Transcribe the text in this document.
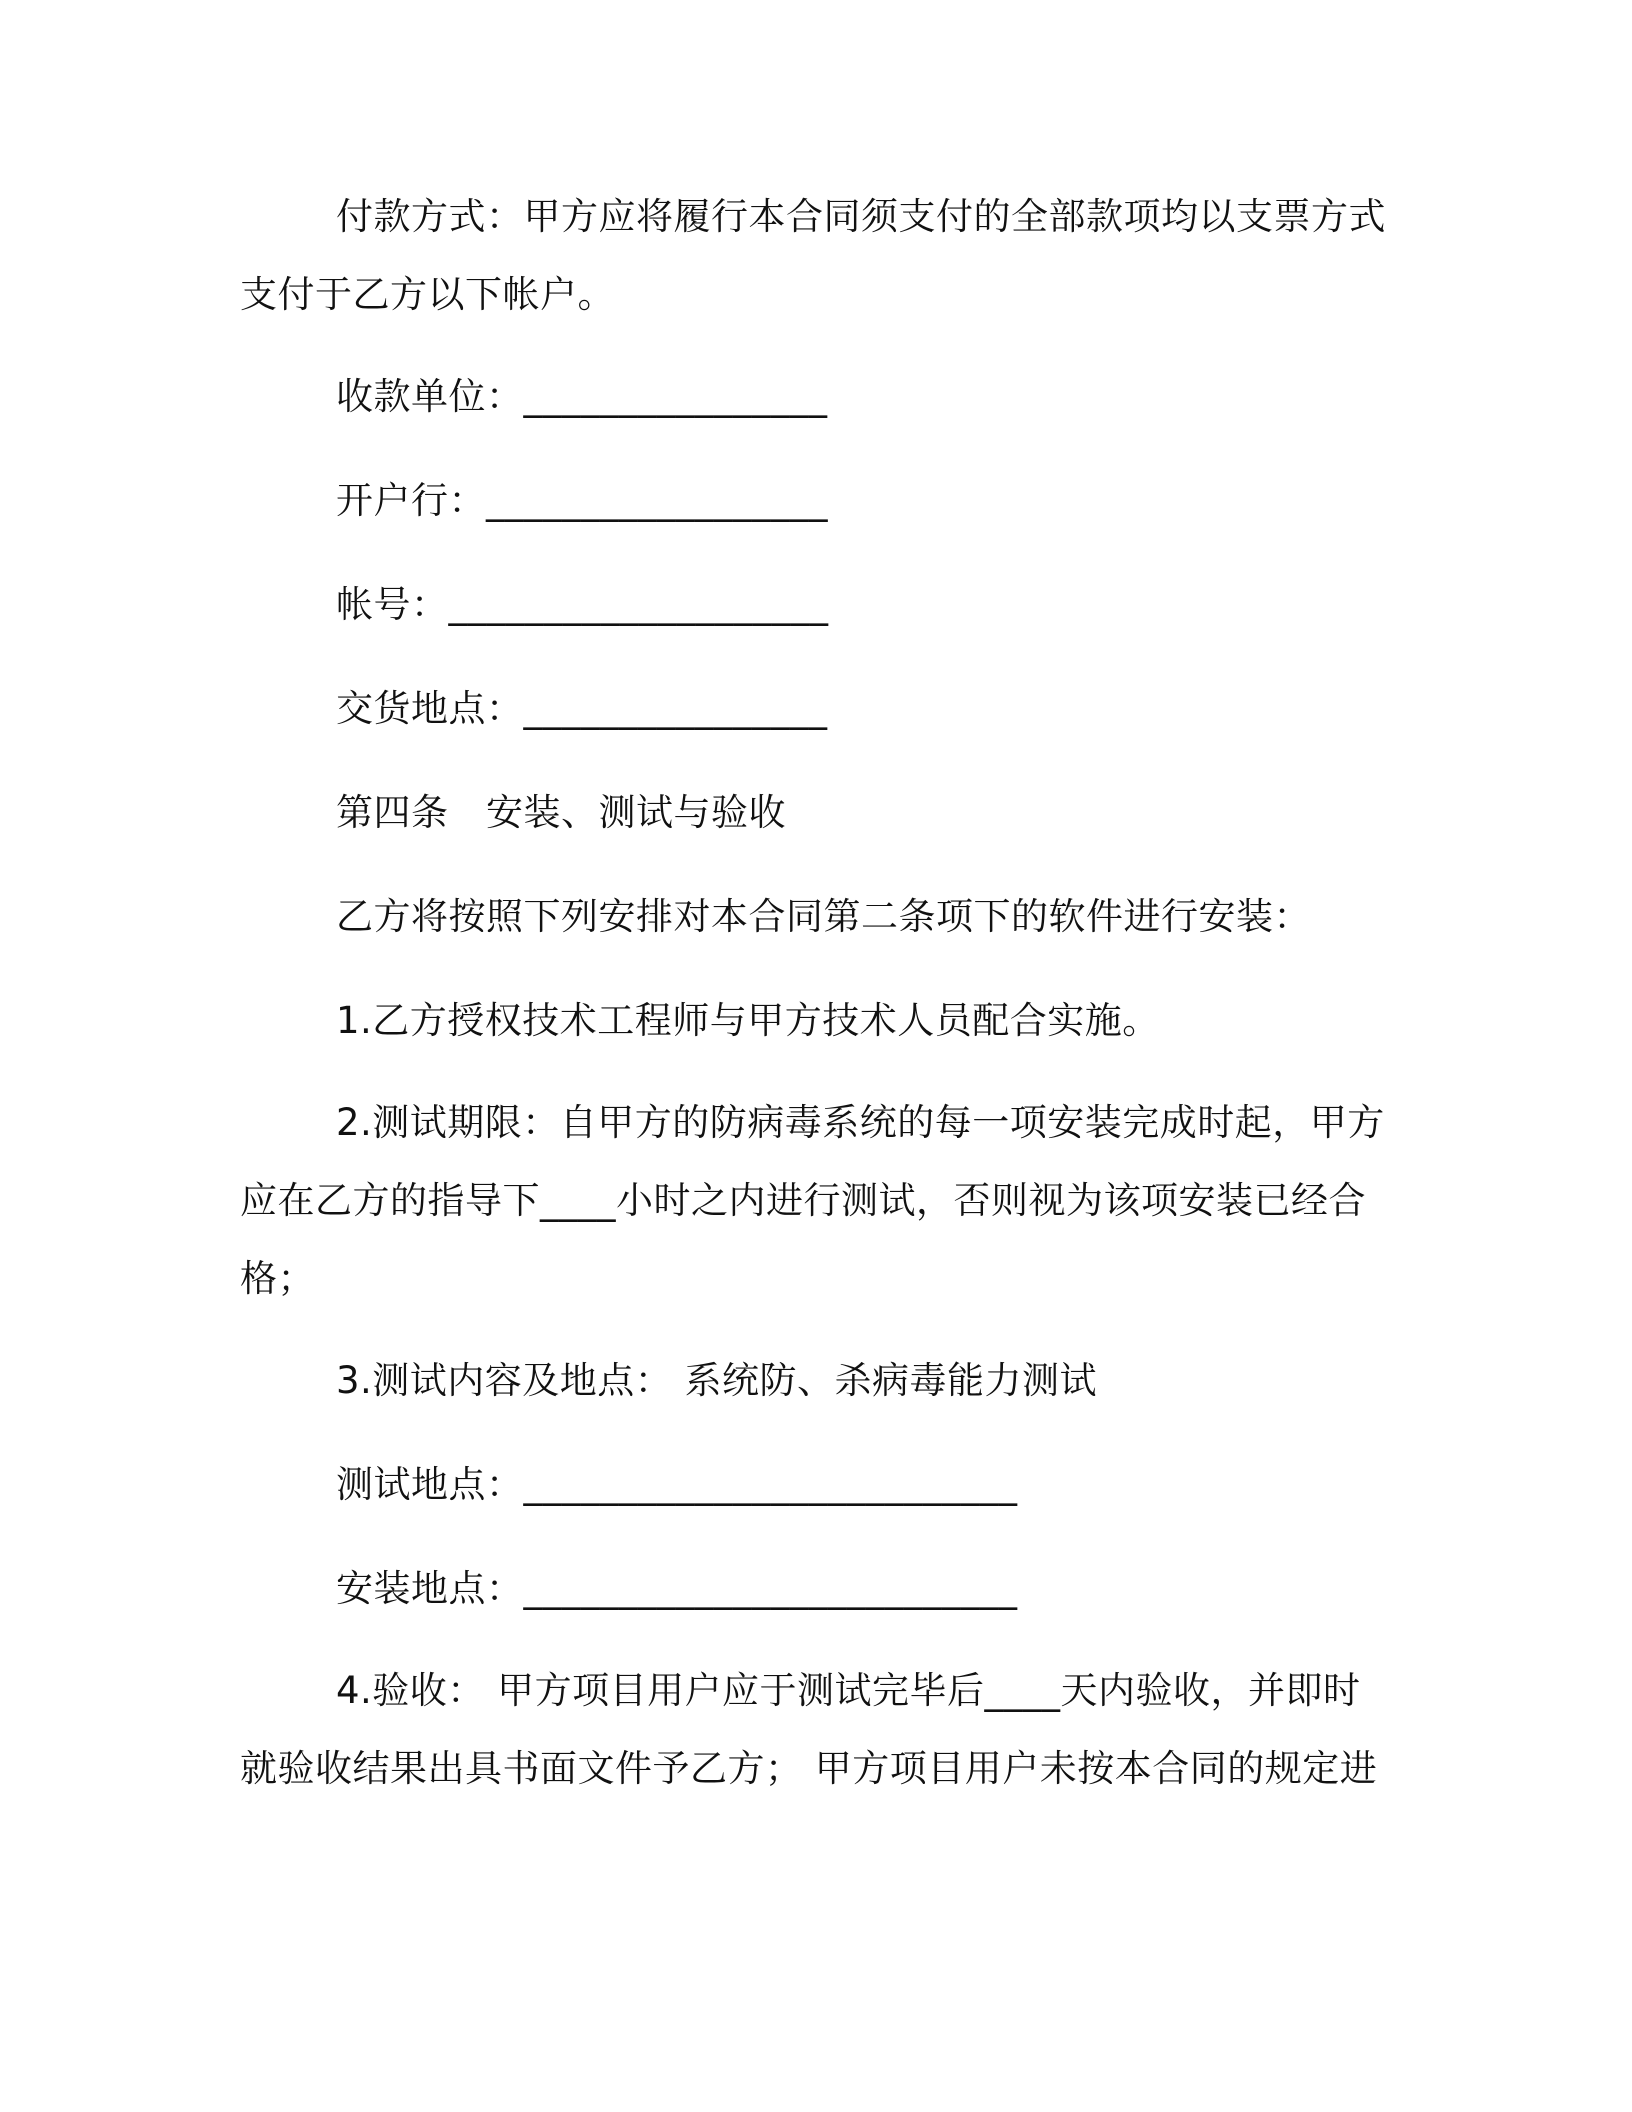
付款方式：甲方应将履行本合同须支付的全部款项均以支票方式
支付于乙方以下帐户。
收款单位：________________
开户行：__________________
帐号：____________________
交货地点：________________
第四条　安装、测试与验收
乙方将按照下列安排对本合同第二条项下的软件进行安装：
1.乙方授权技术工程师与甲方技术人员配合实施。
2.测试期限：自甲方的防病毒系统的每一项安装完成时起，甲方
应在乙方的指导下____小时之内进行测试，否则视为该项安装已经合
格；
3.测试内容及地点： 系统防、杀病毒能力测试
测试地点：__________________________
安装地点：__________________________
4.验收： 甲方项目用户应于测试完毕后____天内验收，并即时
就验收结果出具书面文件予乙方； 甲方项目用户未按本合同的规定进
